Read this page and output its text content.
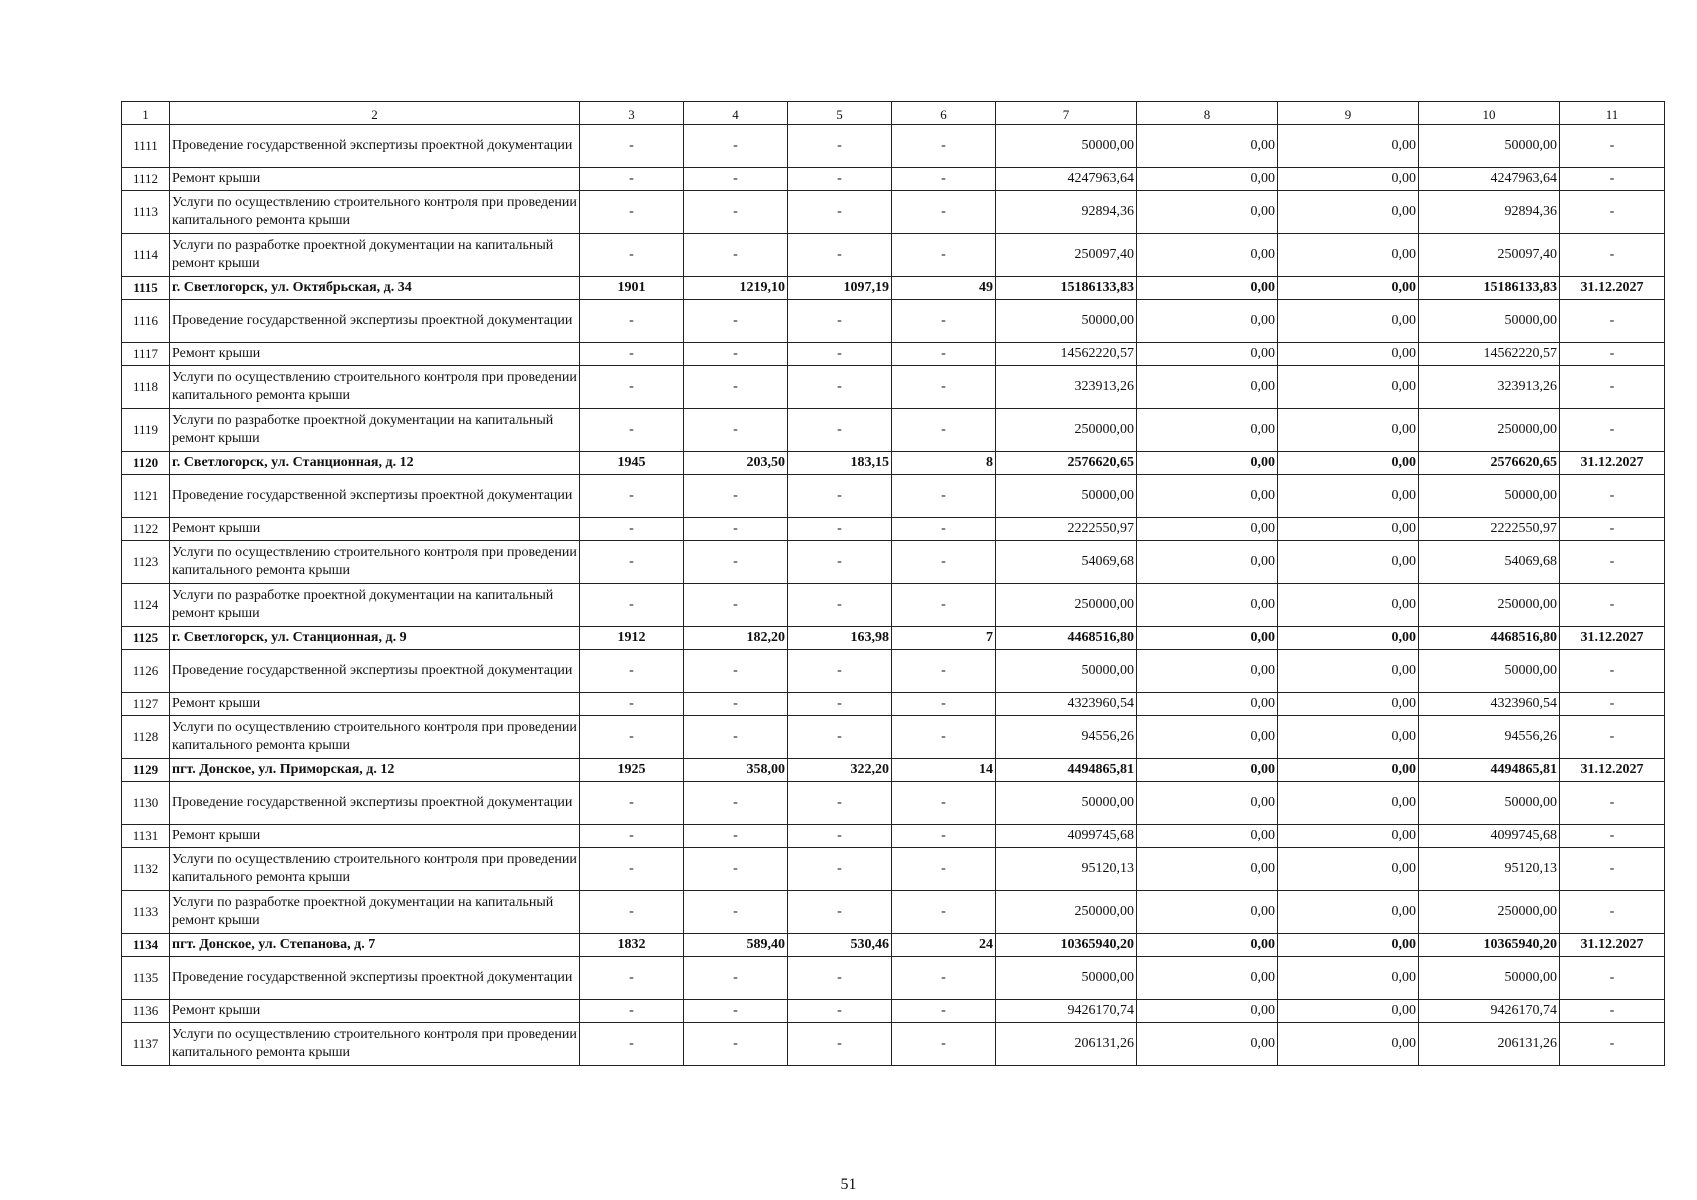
1	2	3	4	5	6	7	8	9	10	11
1111	Проведение государственной экспертизы проектной документации	-	-	-	-	50000,00	0,00	0,00	50000,00	-
1112	Ремонт крыши	-	-	-	-	4247963,64	0,00	0,00	4247963,64	-
1113	Услуги по осуществлению строительного контроля при проведении капитального ремонта крыши	-	-	-	-	92894,36	0,00	0,00	92894,36	-
1114	Услуги по разработке проектной документации на капитальный ремонт крыши	-	-	-	-	250097,40	0,00	0,00	250097,40	-
1115	г. Светлогорск, ул. Октябрьская, д. 34	1901	1219,10	1097,19	49	15186133,83	0,00	0,00	15186133,83	31.12.2027
1116	Проведение государственной экспертизы проектной документации	-	-	-	-	50000,00	0,00	0,00	50000,00	-
1117	Ремонт крыши	-	-	-	-	14562220,57	0,00	0,00	14562220,57	-
1118	Услуги по осуществлению строительного контроля при проведении капитального ремонта крыши	-	-	-	-	323913,26	0,00	0,00	323913,26	-
1119	Услуги по разработке проектной документации на капитальный ремонт крыши	-	-	-	-	250000,00	0,00	0,00	250000,00	-
1120	г. Светлогорск, ул. Станционная, д. 12	1945	203,50	183,15	8	2576620,65	0,00	0,00	2576620,65	31.12.2027
1121	Проведение государственной экспертизы проектной документации	-	-	-	-	50000,00	0,00	0,00	50000,00	-
1122	Ремонт крыши	-	-	-	-	2222550,97	0,00	0,00	2222550,97	-
1123	Услуги по осуществлению строительного контроля при проведении капитального ремонта крыши	-	-	-	-	54069,68	0,00	0,00	54069,68	-
1124	Услуги по разработке проектной документации на капитальный ремонт крыши	-	-	-	-	250000,00	0,00	0,00	250000,00	-
1125	г. Светлогорск, ул. Станционная, д. 9	1912	182,20	163,98	7	4468516,80	0,00	0,00	4468516,80	31.12.2027
1126	Проведение государственной экспертизы проектной документации	-	-	-	-	50000,00	0,00	0,00	50000,00	-
1127	Ремонт крыши	-	-	-	-	4323960,54	0,00	0,00	4323960,54	-
1128	Услуги по осуществлению строительного контроля при проведении капитального ремонта крыши	-	-	-	-	94556,26	0,00	0,00	94556,26	-
1129	пгт. Донское, ул. Приморская, д. 12	1925	358,00	322,20	14	4494865,81	0,00	0,00	4494865,81	31.12.2027
1130	Проведение государственной экспертизы проектной документации	-	-	-	-	50000,00	0,00	0,00	50000,00	-
1131	Ремонт крыши	-	-	-	-	4099745,68	0,00	0,00	4099745,68	-
1132	Услуги по осуществлению строительного контроля при проведении капитального ремонта крыши	-	-	-	-	95120,13	0,00	0,00	95120,13	-
1133	Услуги по разработке проектной документации на капитальный ремонт крыши	-	-	-	-	250000,00	0,00	0,00	250000,00	-
1134	пгт. Донское, ул. Степанова, д. 7	1832	589,40	530,46	24	10365940,20	0,00	0,00	10365940,20	31.12.2027
1135	Проведение государственной экспертизы проектной документации	-	-	-	-	50000,00	0,00	0,00	50000,00	-
1136	Ремонт крыши	-	-	-	-	9426170,74	0,00	0,00	9426170,74	-
1137	Услуги по осуществлению строительного контроля при проведении капитального ремонта крыши	-	-	-	-	206131,26	0,00	0,00	206131,26	-
51
